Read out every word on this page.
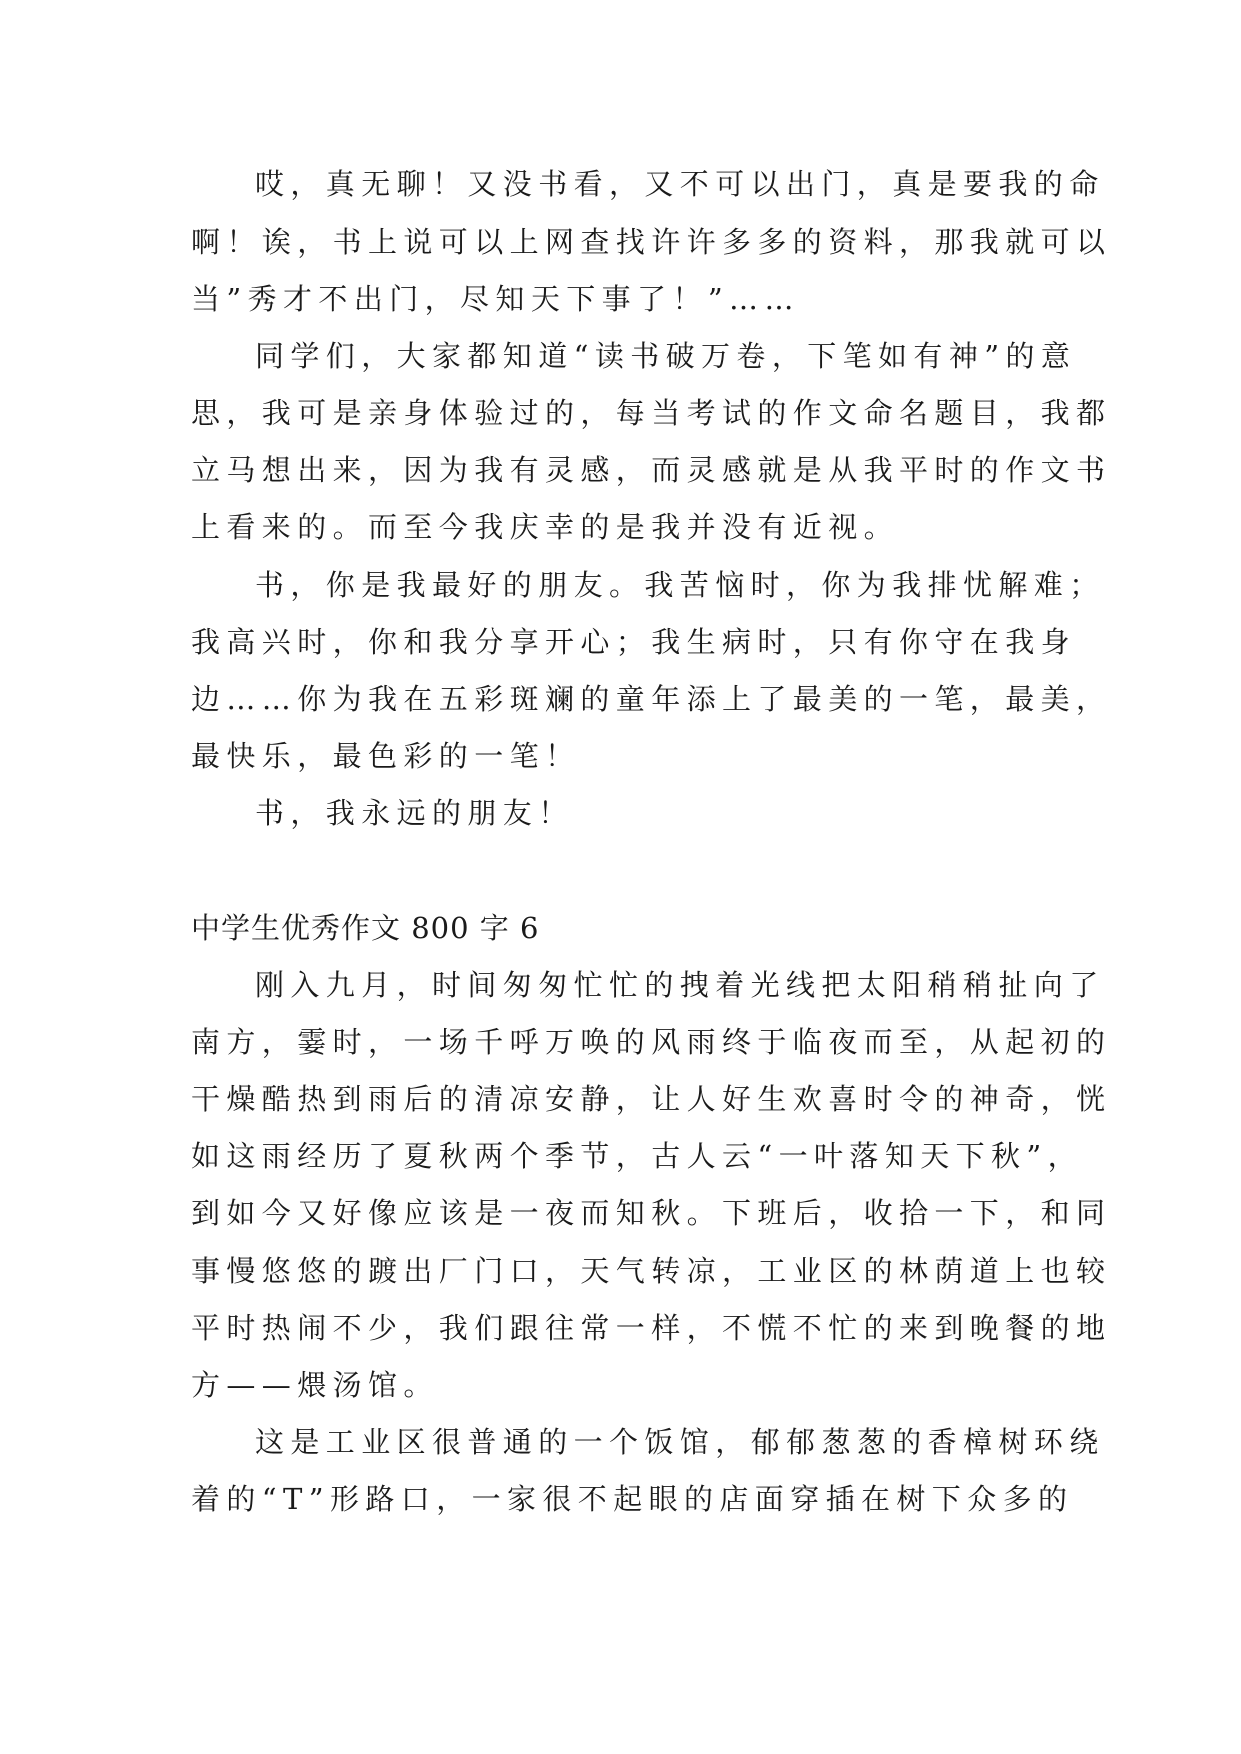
哎，真无聊！又没书看，又不可以出门，真是要我的命
啊！诶，书上说可以上网查找许许多多的资料，那我就可以
当”秀才不出门，尽知天下事了！”……
同学们，大家都知道“读书破万卷，下笔如有神”的意
思，我可是亲身体验过的，每当考试的作文命名题目，我都
立马想出来，因为我有灵感，而灵感就是从我平时的作文书
上看来的。而至今我庆幸的是我并没有近视。
书，你是我最好的朋友。我苦恼时，你为我排忧解难；
我高兴时，你和我分享开心；我生病时，只有你守在我身
边……你为我在五彩斑斓的童年添上了最美的一笔，最美，
最快乐，最色彩的一笔！
书，我永远的朋友！
中学生优秀作文 800 字 6
刚入九月，时间匆匆忙忙的拽着光线把太阳稍稍扯向了
南方，霎时，一场千呼万唤的风雨终于临夜而至，从起初的
干燥酷热到雨后的清凉安静，让人好生欢喜时令的神奇，恍
如这雨经历了夏秋两个季节，古人云“一叶落知天下秋”，
到如今又好像应该是一夜而知秋。下班后，收拾一下，和同
事慢悠悠的踱出厂门口，天气转凉，工业区的林荫道上也较
平时热闹不少，我们跟往常一样，不慌不忙的来到晚餐的地
方——煨汤馆。
这是工业区很普通的一个饭馆，郁郁葱葱的香樟树环绕
着的“T”形路口，一家很不起眼的店面穿插在树下众多的
